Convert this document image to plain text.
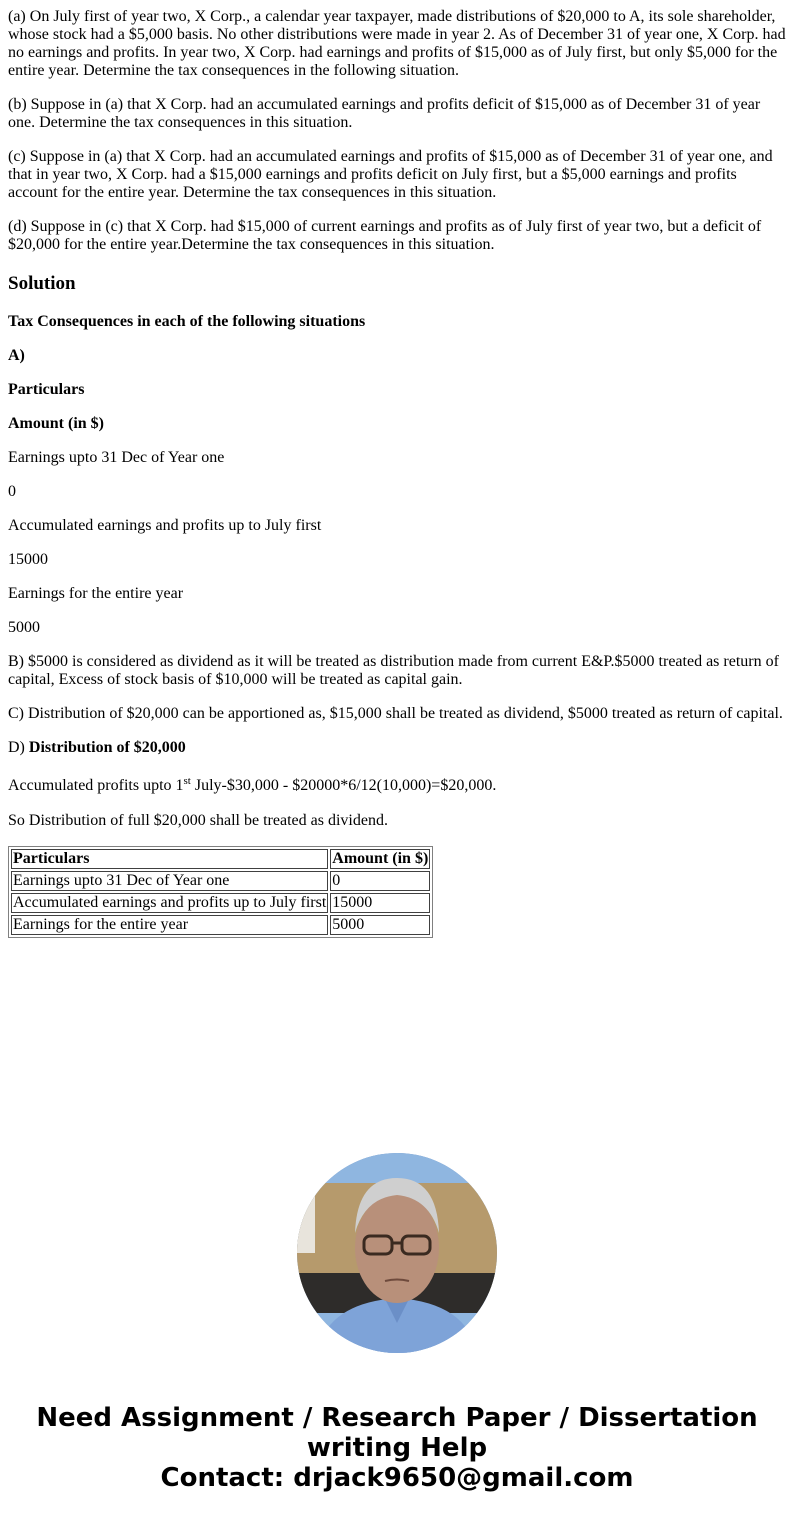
(a) On July first of year two, X Corp., a calendar year taxpayer, made distributions of $20,000 to A, its sole shareholder, whose stock had a $5,000 basis. No other distributions were made in year 2. As of December 31 of year one, X Corp. had no earnings and profits. In year two, X Corp. had earnings and profits of $15,000 as of July first, but only $5,000 for the entire year. Determine the tax consequences in the following situation.

(b) Suppose in (a) that X Corp. had an accumulated earnings and profits deficit of $15,000 as of December 31 of year one. Determine the tax consequences in this situation.

(c) Suppose in (a) that X Corp. had an accumulated earnings and profits of $15,000 as of December 31 of year one, and that in year two, X Corp. had a $15,000 earnings and profits deficit on July first, but a $5,000 earnings and profits account for the entire year. Determine the tax consequences in this situation.

(d) Suppose in (c) that X Corp. had $15,000 of current earnings and profits as of July first of year two, but a deficit of $20,000 for the entire year.Determine the tax consequences in this situation.

Solution

Tax Consequences in each of the following situations

A)

Particulars

Amount (in $)

Earnings upto 31 Dec of Year one

0

Accumulated earnings and profits up to July first

15000

Earnings for the entire year

5000

B) $5000 is considered as dividend as it will be treated as distribution made from current E&P.$5000 treated as return of capital, Excess of stock basis of $10,000 will be treated as capital gain.

C) Distribution of $20,000 can be apportioned as, $15,000 shall be treated as dividend, $5000 treated as return of capital.

D) Distribution of $20,000

Accumulated profits upto 1st July-$30,000 - $20000*6/12(10,000)=$20,000.

So Distribution of full $20,000 shall be treated as dividend.

Particulars	Amount (in $)
Earnings upto 31 Dec of Year one	0
Accumulated earnings and profits up to July first	15000
Earnings for the entire year	5000
Need Assignment / Research Paper / Dissertation
writing Help
Contact: drjack9650@gmail.com
